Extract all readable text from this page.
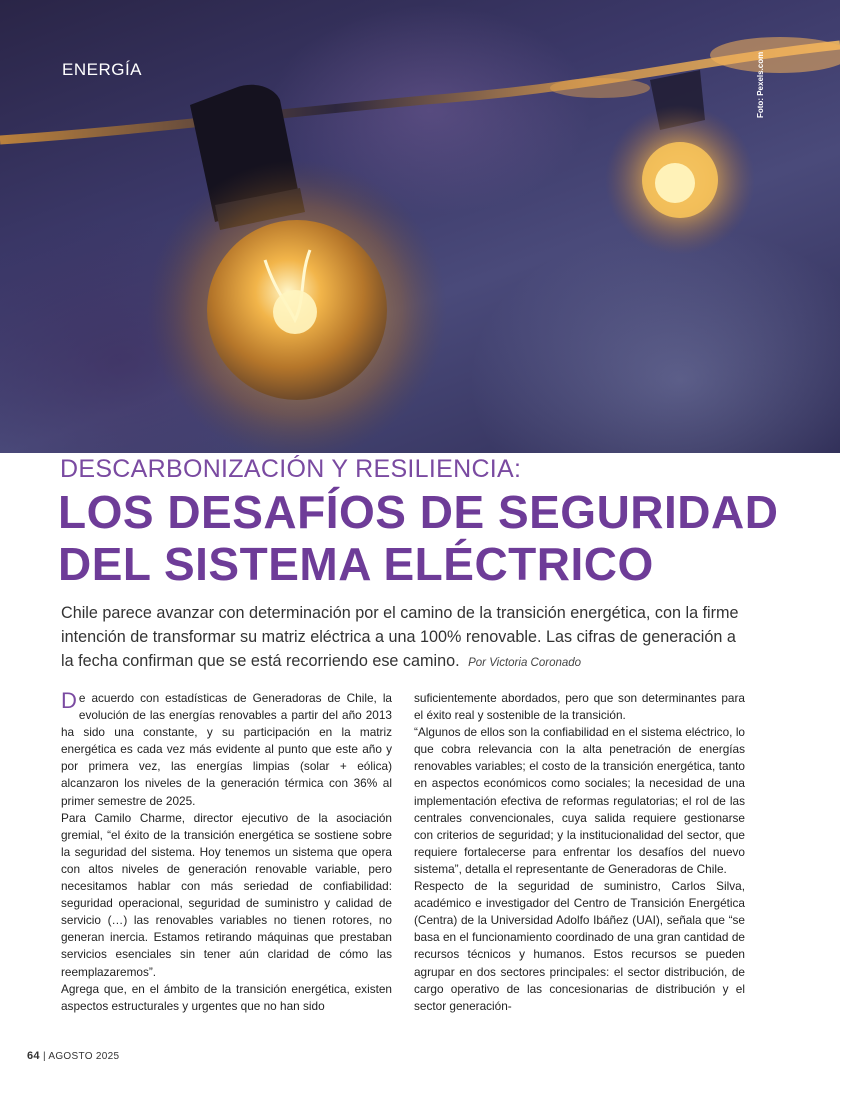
ENERGÍA	Foto: Pexels.com
DESCARBONIZACIÓN Y RESILIENCIA:
LOS DESAFÍOS DE SEGURIDAD
DEL SISTEMA ELÉCTRICO
Chile parece avanzar con determinación por el camino de la transición energética, con la firme intención de transformar su matriz eléctrica a una 100% renovable. Las cifras de generación a la fecha confirman que se está recorriendo ese camino. Por Victoria Coronado

De acuerdo con estadísticas de Generadoras de Chile, la evolución de las energías renovables a partir del año 2013 ha sido una constante, y su participación en la matriz energética es cada vez más evidente al punto que este año y por primera vez, las energías limpias (solar + eólica) alcanzaron los niveles de la generación térmica con 36% al primer semestre de 2025.

Para Camilo Charme, director ejecutivo de la asociación gremial, “el éxito de la transición energética se sostiene sobre la seguridad del sistema. Hoy tenemos un sistema que opera con altos niveles de generación renovable variable, pero necesitamos hablar con más seriedad de confiabilidad: seguridad operacional, seguridad de suministro y calidad de servicio (…) las renovables variables no tienen rotores, no generan inercia. Estamos retirando máquinas que prestaban servicios esenciales sin tener aún claridad de cómo las reemplazaremos”.

Agrega que, en el ámbito de la transición energética, existen aspectos estructurales y urgentes que no han sido

suficientemente abordados, pero que son determinantes para el éxito real y sostenible de la transición.

“Algunos de ellos son la confiabilidad en el sistema eléctrico, lo que cobra relevancia con la alta penetración de energías renovables variables; el costo de la transición energética, tanto en aspectos económicos como sociales; la necesidad de una implementación efectiva de reformas regulatorias; el rol de las centrales convencionales, cuya salida requiere gestionarse con criterios de seguridad; y la institucionalidad del sector, que requiere fortalecerse para enfrentar los desafíos del nuevo sistema”, detalla el representante de Generadoras de Chile.

Respecto de la seguridad de suministro, Carlos Silva, académico e investigador del Centro de Transición Energética (Centra) de la Universidad Adolfo Ibáñez (UAI), señala que “se basa en el funcionamiento coordinado de una gran cantidad de recursos técnicos y humanos. Estos recursos se pueden agrupar en dos sectores principales: el sector distribución, de cargo operativo de las concesionarias de distribución y el sector generación-

64 | AGOSTO 2025
